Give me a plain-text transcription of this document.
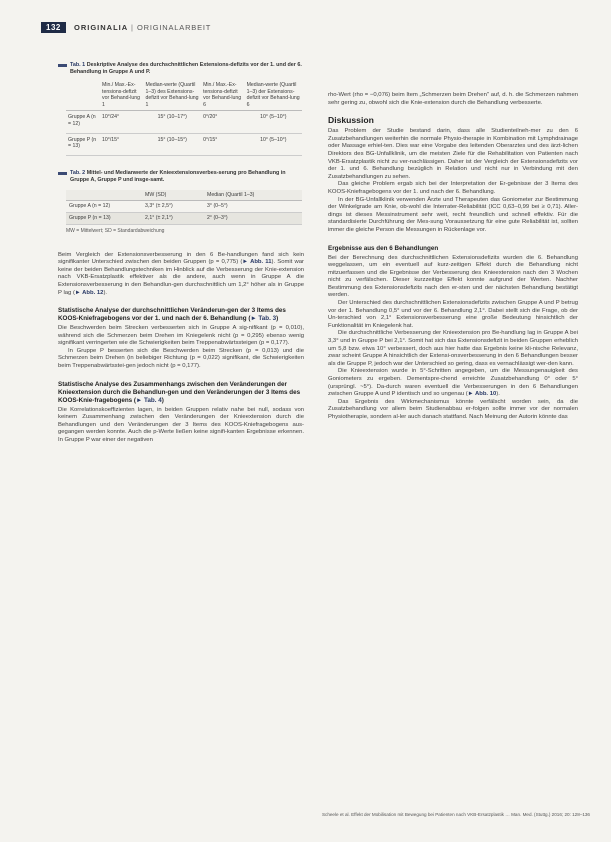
132	ORIGINALIA | ORIGINALARBEIT
Tab. 1 Deskriptive Analyse des durchschnittlichen Extensions-defizits vor der 1. und der 6. Behandlung in Gruppe A und P.
	Min./ Max.-Ex-tensions-defizit vor Behand-lung 1	Median-werte (Quartil 1–3) des Extensions-defizit vor Behand-lung 1	Min./ Max.-Ex-tensions-defizit vor Behand-lung 6	Median-werte (Quartil 1–3) der Extensions-defizit vor Behand-lung 6
Gruppe A (n = 12)	10°/24°	15° (10–17°)	0°/20°	10° (5–10°)
Gruppe P (n = 13)	10°/15°	15° (10–15°)	0°/15°	10° (5–10°)
Tab. 2 Mittel- und Medianwerte der Knieextensionsverbes-serung pro Behandlung in Gruppe A, Gruppe P und insge-samt.
	MW (SD)	Median (Quartil 1–3)
Gruppe A (n = 12)	3,3° (± 2,5°)	3° (0–5°)
Gruppe P (n = 13)	2,1° (± 2,1°)	2° (0–3°)
MW = Mittelwert; SD = Standardabweichung

Beim Vergleich der Extensionsverbesserung in den 6 Be-handlungen fand sich kein signifikanter Unterschied zwischen den beiden Gruppen (p = 0,775) (► Abb. 11). Somit war keine der beiden Behandlungstechniken im Hinblick auf die Verbesserung der Knie-extension nach VKB-Ersatzplastik effektiver als die andere, auch wenn in Gruppe A die Extensionsverbesserung in den Behandlun-gen durchschnittlich um 1,2° höher als in Gruppe P lag (► Abb. 12).

Statistische Analyse der durchschnittlichen Veränderun-gen der 3 Items des KOOS-Kniefragebogens vor der 1. und nach der 6. Behandlung (► Tab. 3)

Die Beschwerden beim Strecken verbesserten sich in Gruppe A sig-nifikant (p = 0,010), während sich die Schmerzen beim Drehen im Kniegelenk nicht (p = 0,295) ebenso wenig signifikant verringerten wie die Schwierigkeiten beim Treppenabwärtssteigen (p = 0,177).

In Gruppe P besserten sich die Beschwerden beim Strecken (p = 0,013) und die Schmerzen beim Drehen (in beliebiger Richtung (p = 0,022) signifikant, die Schwierigkeiten beim Treppenabwärtsstei-gen jedoch nicht (p = 0,177).

Statistische Analyse des Zusammenhangs zwischen den Veränderungen der Knieextension durch die Behandlun-gen und den Veränderungen der 3 Items des KOOS-Knie-fragebogens (► Tab. 4)

Die Korrelationskoeffizienten lagen, in beiden Gruppen relativ nahe bei null, sodass von keinem Zusammenhang zwischen den Veränderungen der Knieextension durch die Behandlungen und den Veränderungen der 3 Items des KOOS-Kniefragebogens aus-gegangen werden konnte. Auch die p-Werte ließen keine signifi-kanten Ergebnisse erkennen. In Gruppe P war einer der negativen

rho-Wert (rho = −0,076) beim Item „Schmerzen beim Drehen" auf, d. h. die Schmerzen nahmen sehr gering zu, obwohl sich die Knie-extension durch die Behandlung verbesserte.

Diskussion

Das Problem der Studie bestand darin, dass alle Studienteilneh-mer zu den 6 Zusatzbehandlungen weiterhin die normale Physio-therapie in Kombination mit Lymphdrainage oder Massage erhiel-ten. Dies war eine Vorgabe des leitenden Oberarztes und des ärzt-lichen Direktors des BG-Unfallklinik, um die meisten Ziele für die Rehabilitation von Patienten nach VKB-Ersatzplastik nicht zu ver-nachlässigen. Daher ist der Vergleich der Extensionsdefizits vor der 1. und 6. Behandlung bezüglich in Relation und nicht nur in Verbindung mit den Zusatzbehandlungen zu sehen.

Das gleiche Problem ergab sich bei der Interpretation der Er-gebnisse der 3 Items des KOOS-Kniefragebogens vor der 1. und nach der 6. Behandlung.

In der BG-Unfallklinik verwenden Ärzte und Therapeuten das Goniometer zur Bestimmung der Winkelgrade am Knie, ob-wohl die Interrater-Reliabilität (ICC 0,63–0,99 bei ≥ 0,71). Aller-dings ist dieses Messinstrument sehr weit, recht freundlich und schnell effektiv. Für die standardisierte Durchführung der Mes-sung Voraussetzung für eine gute Reliabilität ist, sollten immer die gleiche Person die Messungen in Rückenlage vor.

Ergebnisse aus den 6 Behandlungen

Bei der Berechnung des durchschnittlichen Extensionsdefizits wurden die 6. Behandlung weggelassen, um ein eventuell auf kurz-zeitigen Effekt durch die Behandlung nicht mitzuerfassen und die Ergebnisse der Verbesserung des Knieextension nach den 3 Wochen nicht zu verfälschen. Dieser kurzzeitige Effekt konnte aufgrund der Werten. Nachher Bestimmung des Extensionsdefizits nach den er-sten und der nächsten Behandlung bestätigt werden.

Der Unterschied des durchschnittlichen Extensionsdefizits zwischen Gruppe A und P betrug vor der 1. Behandlung 0,5° und vor der 6. Behandlung 2,1°. Dabei stellt sich die Frage, ob der Un-terschied von 2,1° Extensionsverbesserung eine große Bedeutung hinsichtlich der Funktionalität im Kniegelenk hat.

Die durchschnittliche Verbesserung der Knieextension pro Be-handlung lag in Gruppe A bei 3,3° und in Gruppe P bei 2,1°. Somit hat sich das Extensionsdefizit in beiden Gruppen erheblich um 5,8 bzw. etwa 10° verbessert, doch aus hier hatte das Ergebnis keine kli-nische Relevanz, zwar scheint Gruppe A hinsichtlich der Extensi-onsverbesserung in den 6 Behandlungen besser als die Gruppe P, jedoch war der Unterschied so gering, dass es vernachlässigt wer-den kann.

Die Knieextension wurde in 5°-Schritten angegeben, um die Messungenauigkeit des Goniometers zu ergeben. Dementspre-chend erreichte Zusatzbehandlung 0° oder 5° (ursprüngl. ~5°). Da-durch waren eventuell die Verbesserungen in den 6 Behandlungen zwischen Gruppe A und P identisch und so ungenau (► Abb. 10).

Das Ergebnis des Wirkmechanismus könnte verfälscht worden sein, da die Zusatzbehandlung vor allem beim Studienabbau er-folgen sollte immer vor der normalen Physiotherapie, sondern al-ler auch danach stattfand. Nach Meinung der Autorin könnte das

Scheele et al. Effekt der Mobilisation mit Bewegung bei Patienten nach VKB-Ersatzplastik … Man. Med. (Stuttg.) 2016; 20: 128–136
